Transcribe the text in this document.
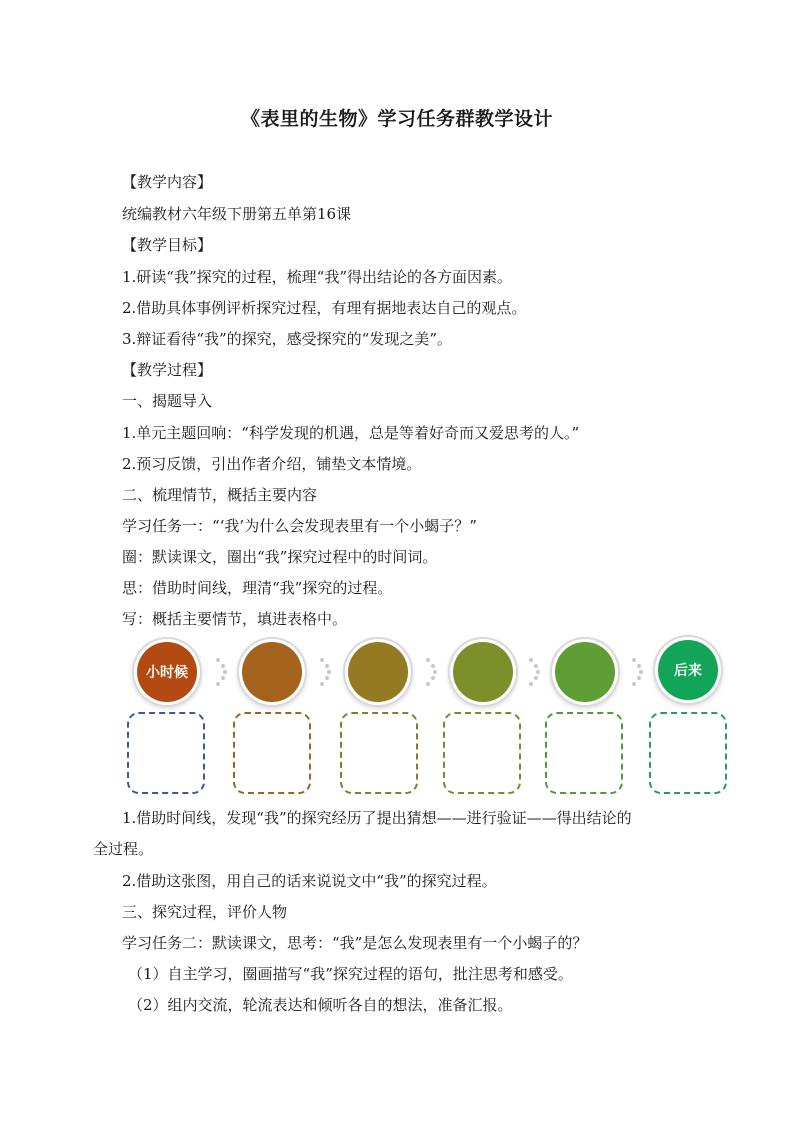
《表里的生物》学习任务群教学设计
【教学内容】
统编教材六年级下册第五单第16课
【教学目标】
1.研读“我”探究的过程，梳理“我”得出结论的各方面因素。
2.借助具体事例评析探究过程，有理有据地表达自己的观点。
3.辩证看待“我”的探究，感受探究的“发现之美”。
【教学过程】
一、揭题导入
1.单元主题回响：“科学发现的机遇，总是等着好奇而又爱思考的人。”
2.预习反馈，引出作者介绍，铺垫文本情境。
二、梳理情节，概括主要内容
学习任务一：“‘我’为什么会发现表里有一个小蝎子？”
圈：默读课文，圈出“我”探究过程中的时间词。
思：借助时间线，理清“我”探究的过程。
写：概括主要情节，填进表格中。
小时候	后来
1.借助时间线，发现“我”的探究经历了提出猜想——进行验证——得出结论的
全过程。
2.借助这张图，用自己的话来说说文中“我”的探究过程。
三、探究过程，评价人物
学习任务二：默读课文，思考：“我”是怎么发现表里有一个小蝎子的？
（1）自主学习，圈画描写“我”探究过程的语句，批注思考和感受。
（2）组内交流，轮流表达和倾听各自的想法，准备汇报。
